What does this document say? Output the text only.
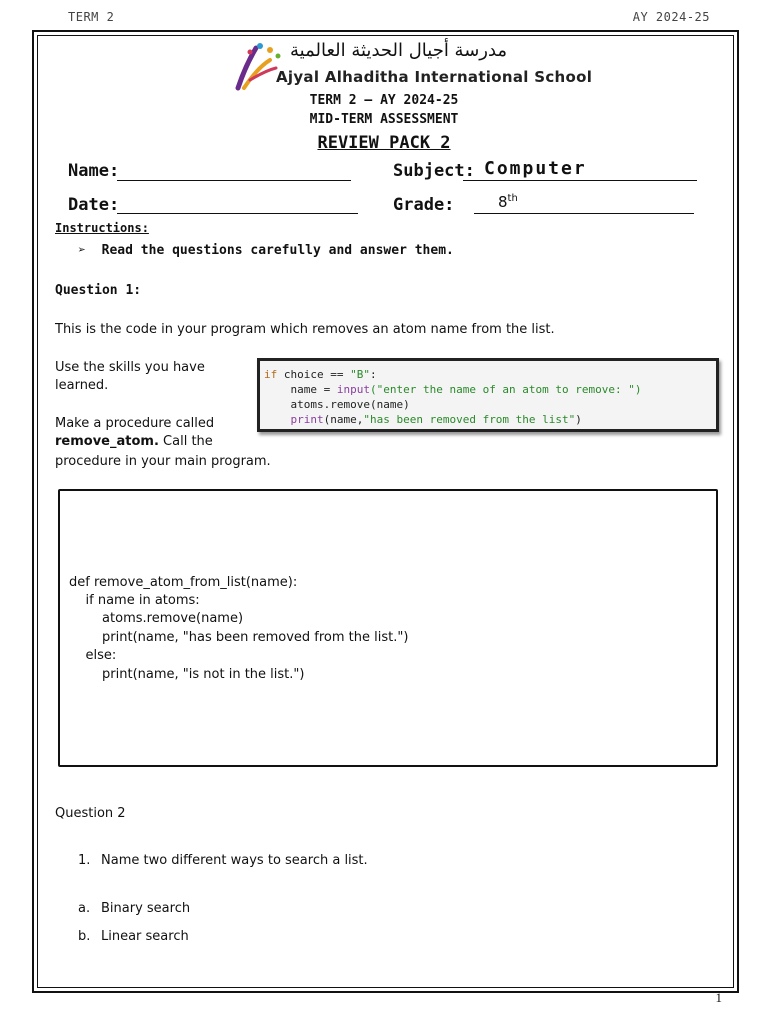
TERM 2	AY 2024-25
مدرسة أجيال الحديثة العالمية
Ajyal Alhaditha International School
TERM 2 – AY 2024-25
MID-TERM ASSESSMENT
REVIEW PACK 2
Name:	Subject: Computer
Date:	Grade:	8th
Instructions:
➢ Read the questions carefully and answer them.
Question 1:
This is the code in your program which removes an atom name from the list.
Use the skills you have
learned.
Make a procedure called
remove_atom. Call the
procedure in your main program.
if choice == "B":
name = input("enter the name of an atom to remove: ")
atoms.remove(name)
print(name,"has been removed from the list")
def remove_atom_from_list(name):
if name in atoms:
atoms.remove(name)
print(name, "has been removed from the list.")
else:
print(name, "is not in the list.")
Question 2
1. Name two different ways to search a list.
a. Binary search
b. Linear search
1
